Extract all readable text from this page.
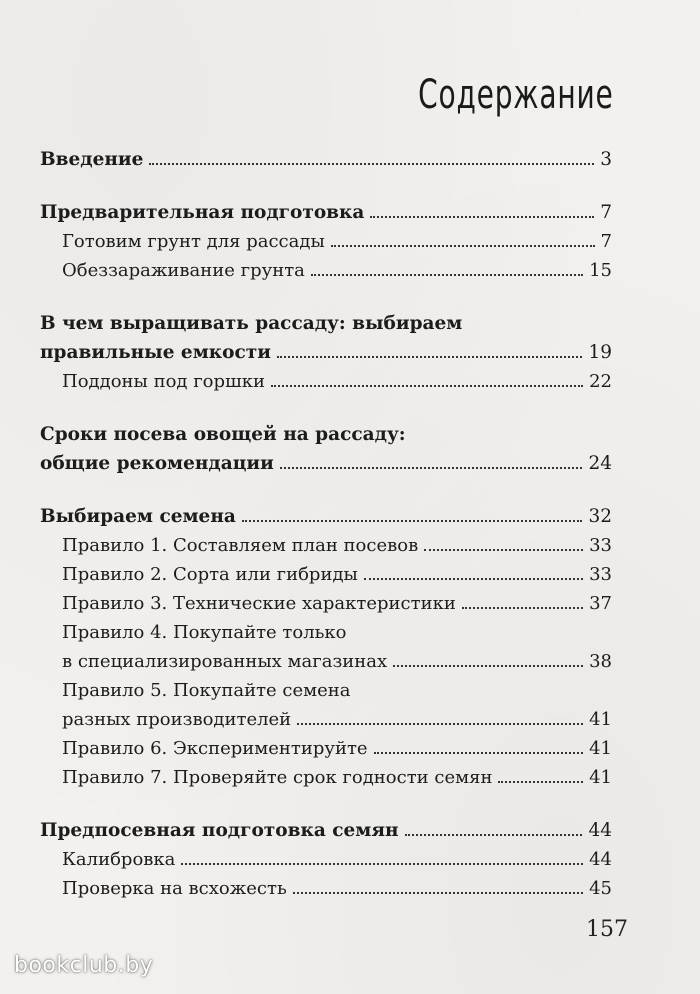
Содержание
Введение	3
Предварительная подготовка	7
Готовим грунт для рассады	7
Обеззараживание грунта	15
В чем выращивать рассаду: выбираем
правильные емкости	19
Поддоны под горшки	22
Сроки посева овощей на рассаду:
общие рекомендации	24
Выбираем семена	32
Правило 1. Составляем план посевов	33
Правило 2. Сорта или гибриды	33
Правило 3. Технические характеристики	37
Правило 4. Покупайте только
в специализированных магазинах	38
Правило 5. Покупайте семена
разных производителей	41
Правило 6. Экспериментируйте	41
Правило 7. Проверяйте срок годности семян	41
Предпосевная подготовка семян	44
Калибровка	44
Проверка на всхожесть	45
157
bookclub.by
